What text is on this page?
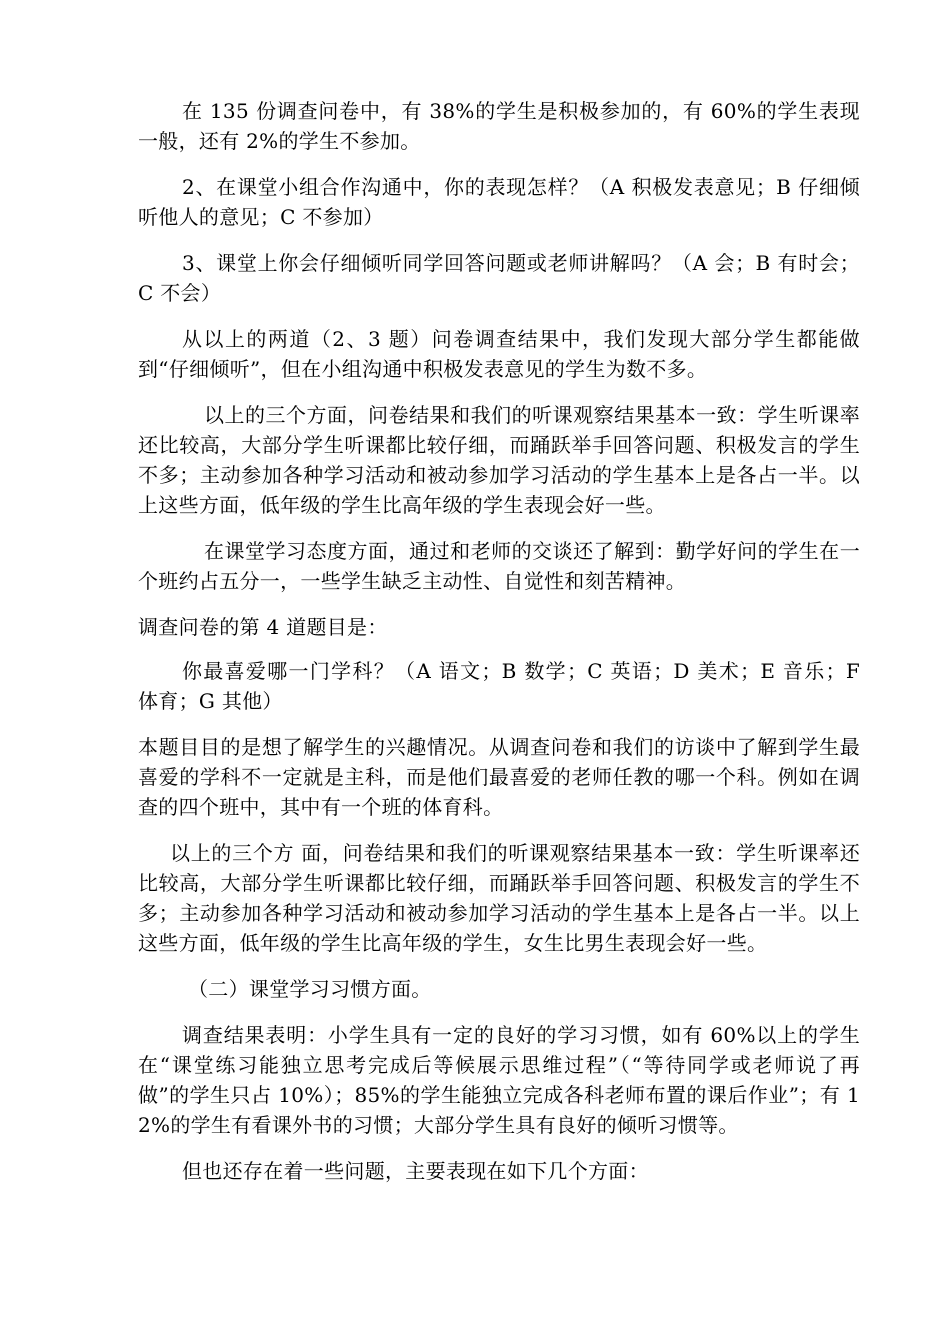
在 135 份调查问卷中，有 38%的学生是积极参加的，有 60%的学生表现一般，还有 2%的学生不参加。

2、在课堂小组合作沟通中，你的表现怎样？（A 积极发表意见；B 仔细倾听他人的意见；C 不参加）

3、课堂上你会仔细倾听同学回答问题或老师讲解吗？（A 会；B 有时会；C 不会）

从以上的两道（2、3 题）问卷调查结果中，我们发现大部分学生都能做到“仔细倾听”，但在小组沟通中积极发表意见的学生为数不多。

以上的三个方面，问卷结果和我们的听课观察结果基本一致：学生听课率还比较高，大部分学生听课都比较仔细，而踊跃举手回答问题、积极发言的学生不多；主动参加各种学习活动和被动参加学习活动的学生基本上是各占一半。以上这些方面，低年级的学生比高年级的学生表现会好一些。

在课堂学习态度方面，通过和老师的交谈还了解到：勤学好问的学生在一个班约占五分一，一些学生缺乏主动性、自觉性和刻苦精神。

调查问卷的第 4 道题目是：

你最喜爱哪一门学科？（A 语文；B 数学；C 英语；D 美术；E 音乐；F 体育；G 其他）

本题目目的是想了解学生的兴趣情况。从调查问卷和我们的访谈中了解到学生最喜爱的学科不一定就是主科，而是他们最喜爱的老师任教的哪一个科。例如在调查的四个班中，其中有一个班的体育科。

以上的三个方 面，问卷结果和我们的听课观察结果基本一致：学生听课率还比较高，大部分学生听课都比较仔细，而踊跃举手回答问题、积极发言的学生不多；主动参加各种学习活动和被动参加学习活动的学生基本上是各占一半。以上这些方面，低年级的学生比高年级的学生，女生比男生表现会好一些。

（二）课堂学习习惯方面。

调查结果表明：小学生具有一定的良好的学习习惯，如有 60%以上的学生在“课堂练习能独立思考完成后等候展示思维过程”（“等待同学或老师说了再做”的学生只占 10%）；85%的学生能独立完成各科老师布置的课后作业”；有 12%的学生有看课外书的习惯；大部分学生具有良好的倾听习惯等。

但也还存在着一些问题，主要表现在如下几个方面：
